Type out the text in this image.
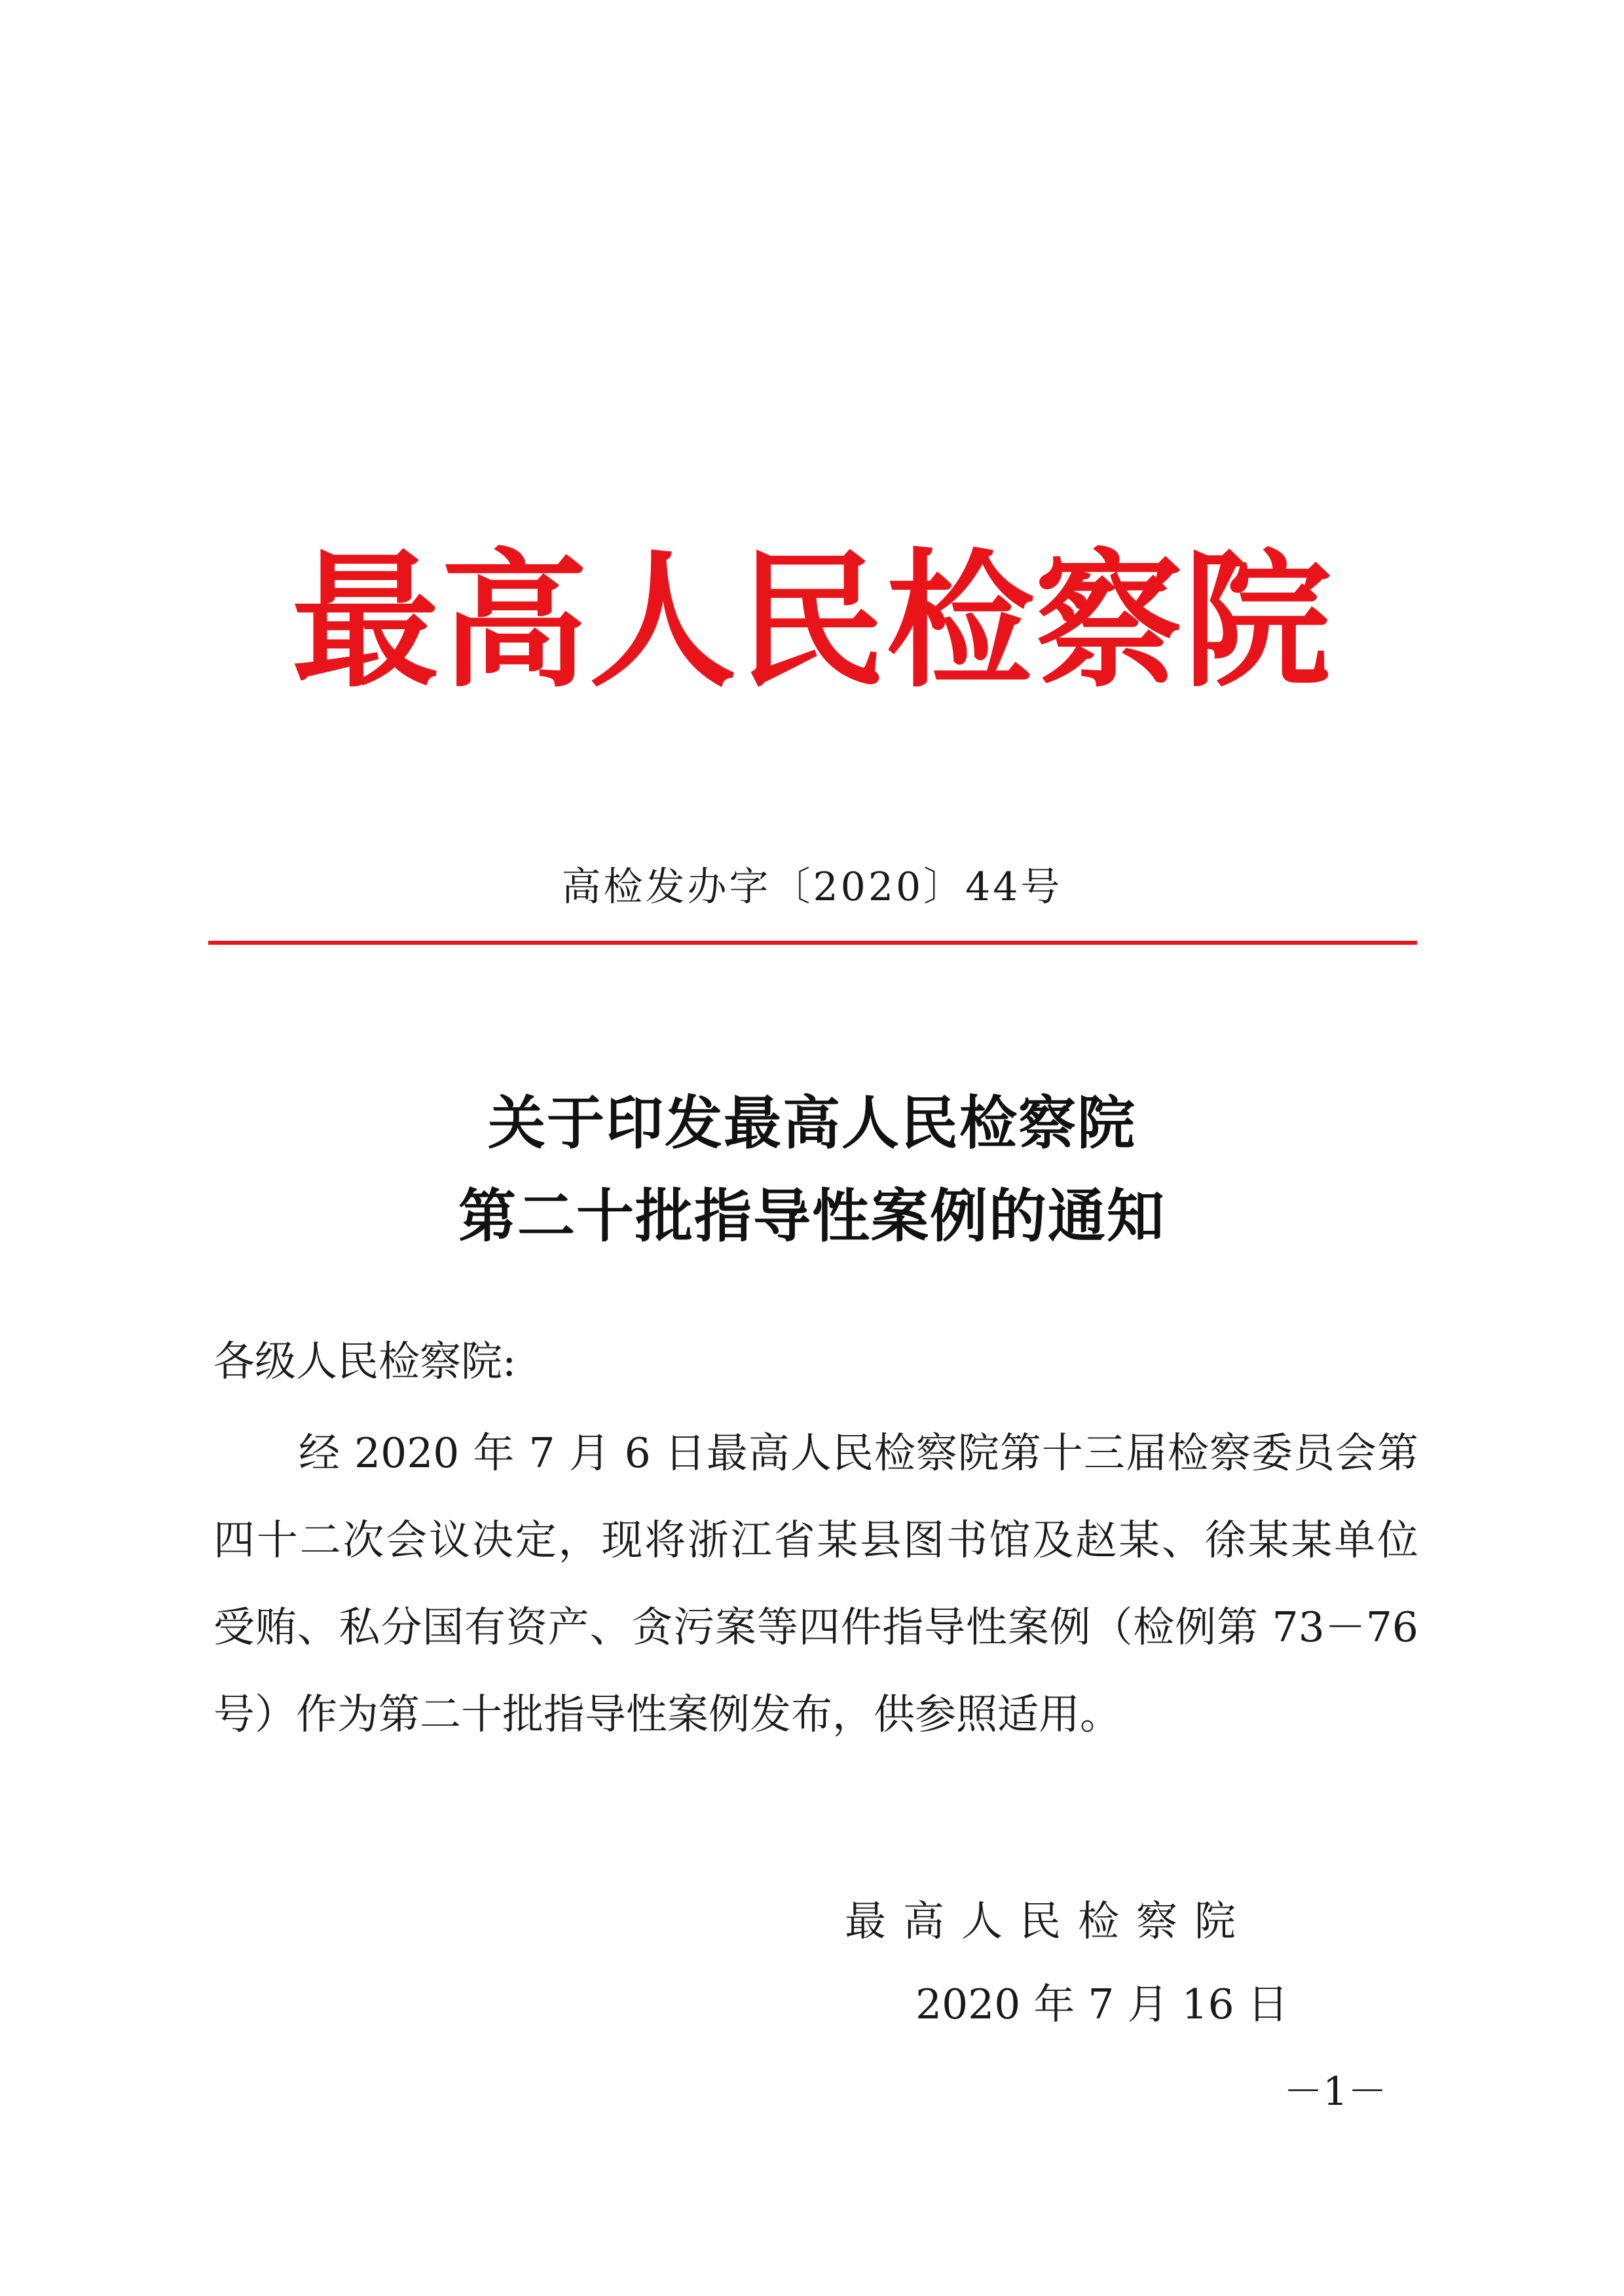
最高人民检察院
高检发办字〔2020〕44号
关于印发最高人民检察院
第二十批指导性案例的通知
各级人民检察院:
经 2020 年 7 月 6 日最高人民检察院第十三届检察委员会第
四十二次会议决定，现将浙江省某县图书馆及赵某、徐某某单位
受贿、私分国有资产、贪污案等四件指导性案例（检例第 73－76
号）作为第二十批指导性案例发布，供参照适用。
最高人民检察院
2020 年 7 月 16 日
－1－
